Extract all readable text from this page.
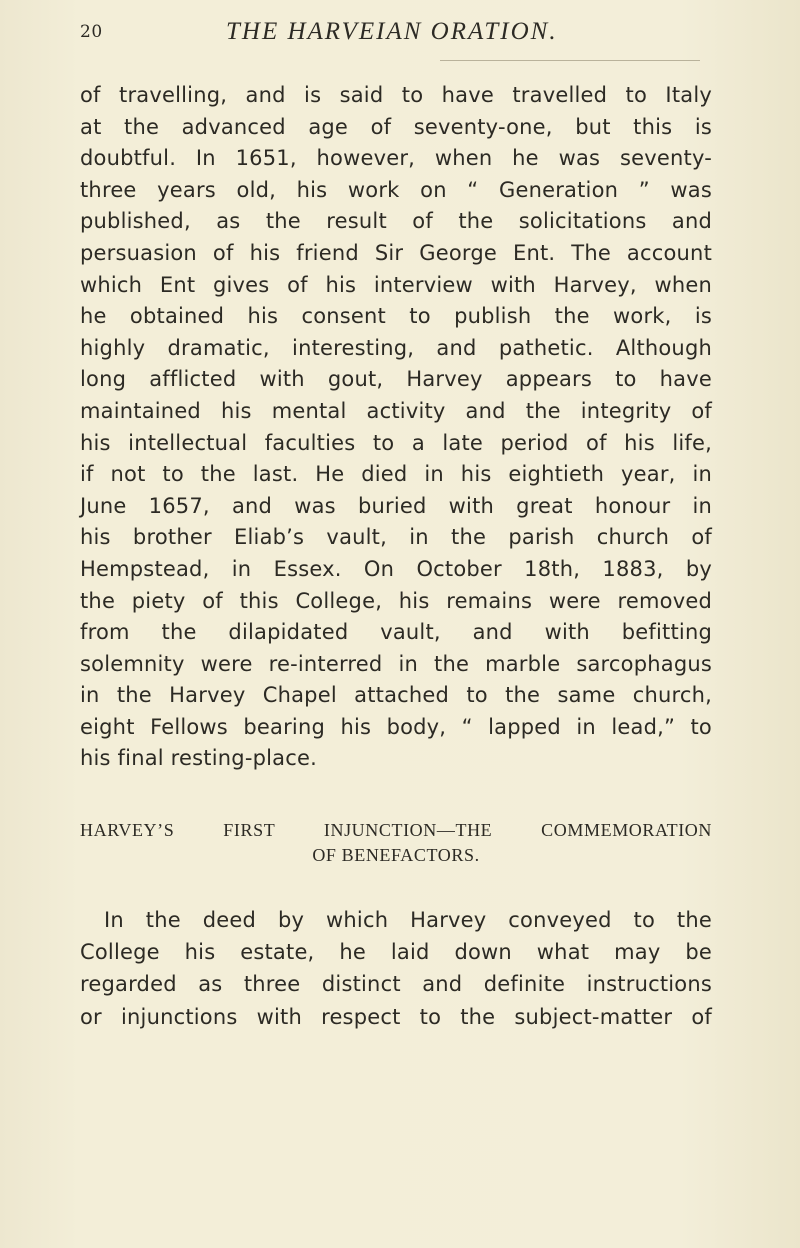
20	THE HARVEIAN ORATION.
of travelling, and is said to have travelled to Italy
at the advanced age of seventy-one, but this is
doubtful. In 1651, however, when he was seventy-
three years old, his work on “ Generation ” was
published, as the result of the solicitations and
persuasion of his friend Sir George Ent. The account
which Ent gives of his interview with Harvey, when
he obtained his consent to publish the work, is
highly dramatic, interesting, and pathetic. Although
long afflicted with gout, Harvey appears to have
maintained his mental activity and the integrity of
his intellectual faculties to a late period of his life,
if not to the last. He died in his eightieth year, in
June 1657, and was buried with great honour in
his brother Eliab’s vault, in the parish church of
Hempstead, in Essex. On October 18th, 1883, by
the piety of this College, his remains were removed
from the dilapidated vault, and with befitting
solemnity were re-interred in the marble sarcophagus
in the Harvey Chapel attached to the same church,
eight Fellows bearing his body, “ lapped in lead,” to
his final resting-place.
HARVEY’S FIRST INJUNCTION—THE COMMEMORATION
OF BENEFACTORS.
In the deed by which Harvey conveyed to the
College his estate, he laid down what may be
regarded as three distinct and definite instructions
or injunctions with respect to the subject-matter of
